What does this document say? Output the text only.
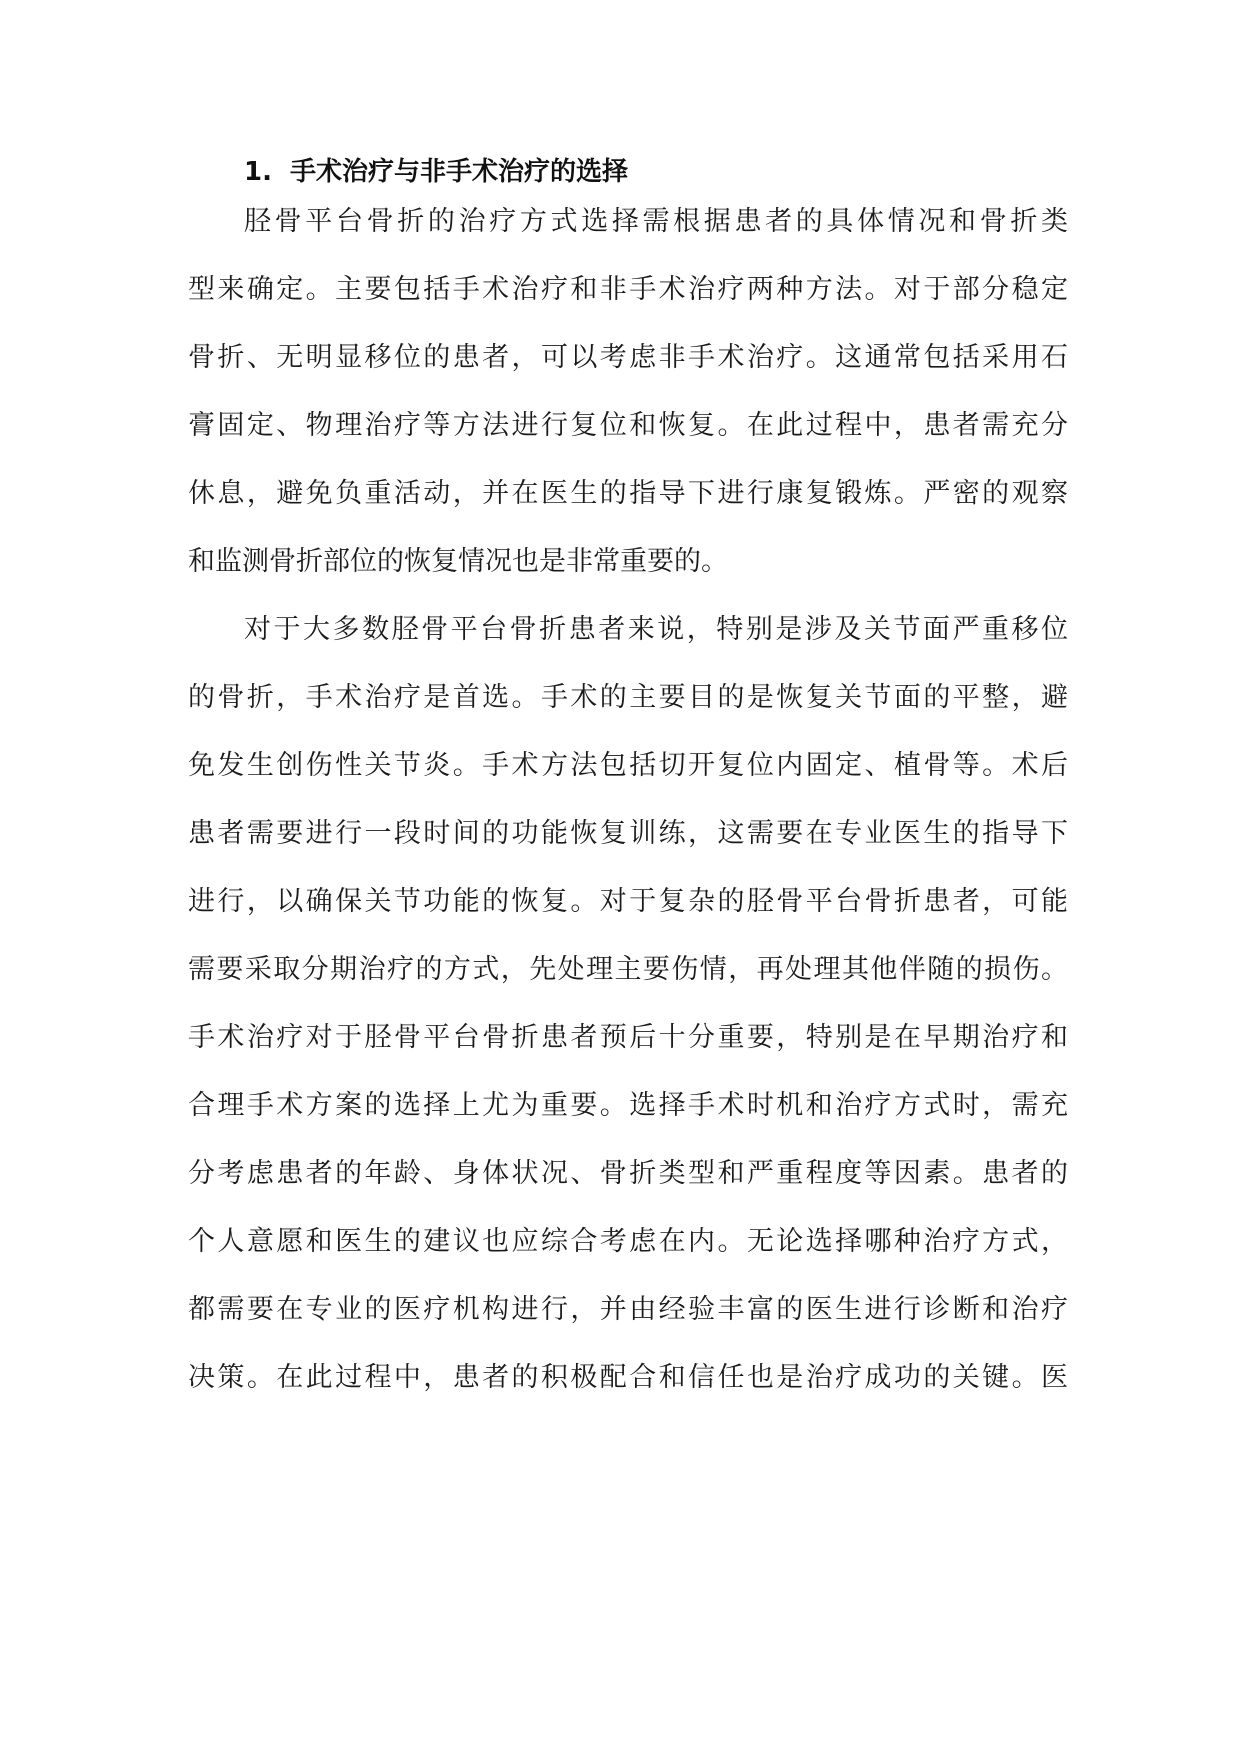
1. 手术治疗与非手术治疗的选择

胫骨平台骨折的治疗方式选择需根据患者的具体情况和骨折类

型来确定。主要包括手术治疗和非手术治疗两种方法。对于部分稳定

骨折、无明显移位的患者，可以考虑非手术治疗。这通常包括采用石

膏固定、物理治疗等方法进行复位和恢复。在此过程中，患者需充分

休息，避免负重活动，并在医生的指导下进行康复锻炼。严密的观察

和监测骨折部位的恢复情况也是非常重要的。

对于大多数胫骨平台骨折患者来说，特别是涉及关节面严重移位

的骨折，手术治疗是首选。手术的主要目的是恢复关节面的平整，避

免发生创伤性关节炎。手术方法包括切开复位内固定、植骨等。术后

患者需要进行一段时间的功能恢复训练，这需要在专业医生的指导下

进行，以确保关节功能的恢复。对于复杂的胫骨平台骨折患者，可能

需要采取分期治疗的方式，先处理主要伤情，再处理其他伴随的损伤。

手术治疗对于胫骨平台骨折患者预后十分重要，特别是在早期治疗和

合理手术方案的选择上尤为重要。选择手术时机和治疗方式时，需充

分考虑患者的年龄、身体状况、骨折类型和严重程度等因素。患者的

个人意愿和医生的建议也应综合考虑在内。无论选择哪种治疗方式，

都需要在专业的医疗机构进行，并由经验丰富的医生进行诊断和治疗

决策。在此过程中，患者的积极配合和信任也是治疗成功的关键。医
